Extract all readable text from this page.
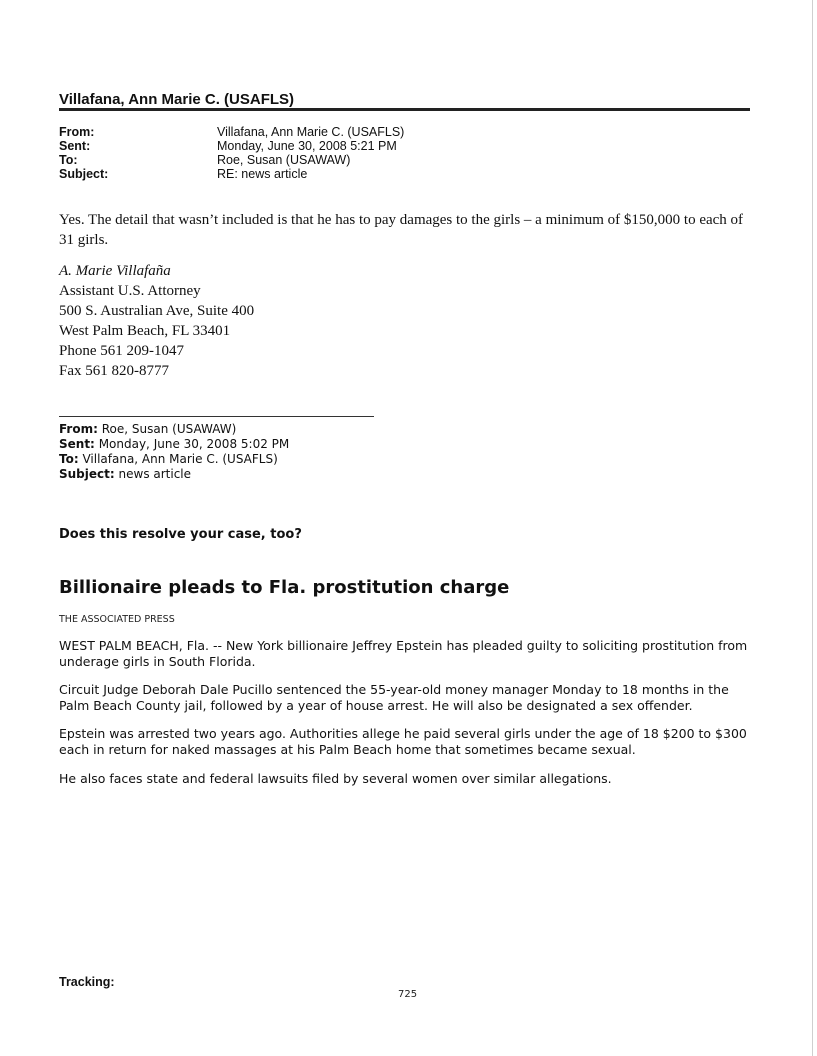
Villafana, Ann Marie C. (USAFLS)
From:	Villafana, Ann Marie C. (USAFLS)
Sent:	Monday, June 30, 2008 5:21 PM
To:	Roe, Susan (USAWAW)
Subject:	RE: news article
Yes. The detail that wasn’t included is that he has to pay damages to the girls – a minimum of $150,000 to each of 31 girls.
A. Marie Villafaña
Assistant U.S. Attorney
500 S. Australian Ave, Suite 400
West Palm Beach, FL 33401
Phone 561 209-1047
Fax 561 820-8777
From: Roe, Susan (USAWAW)
Sent: Monday, June 30, 2008 5:02 PM
To: Villafana, Ann Marie C. (USAFLS)
Subject: news article
Does this resolve your case, too?
Billionaire pleads to Fla. prostitution charge
THE ASSOCIATED PRESS
WEST PALM BEACH, Fla. -- New York billionaire Jeffrey Epstein has pleaded guilty to soliciting prostitution from underage girls in South Florida.
Circuit Judge Deborah Dale Pucillo sentenced the 55-year-old money manager Monday to 18 months in the Palm Beach County jail, followed by a year of house arrest. He will also be designated a sex offender.
Epstein was arrested two years ago. Authorities allege he paid several girls under the age of 18 $200 to $300 each in return for naked massages at his Palm Beach home that sometimes became sexual.
He also faces state and federal lawsuits filed by several women over similar allegations.
Tracking:
725
